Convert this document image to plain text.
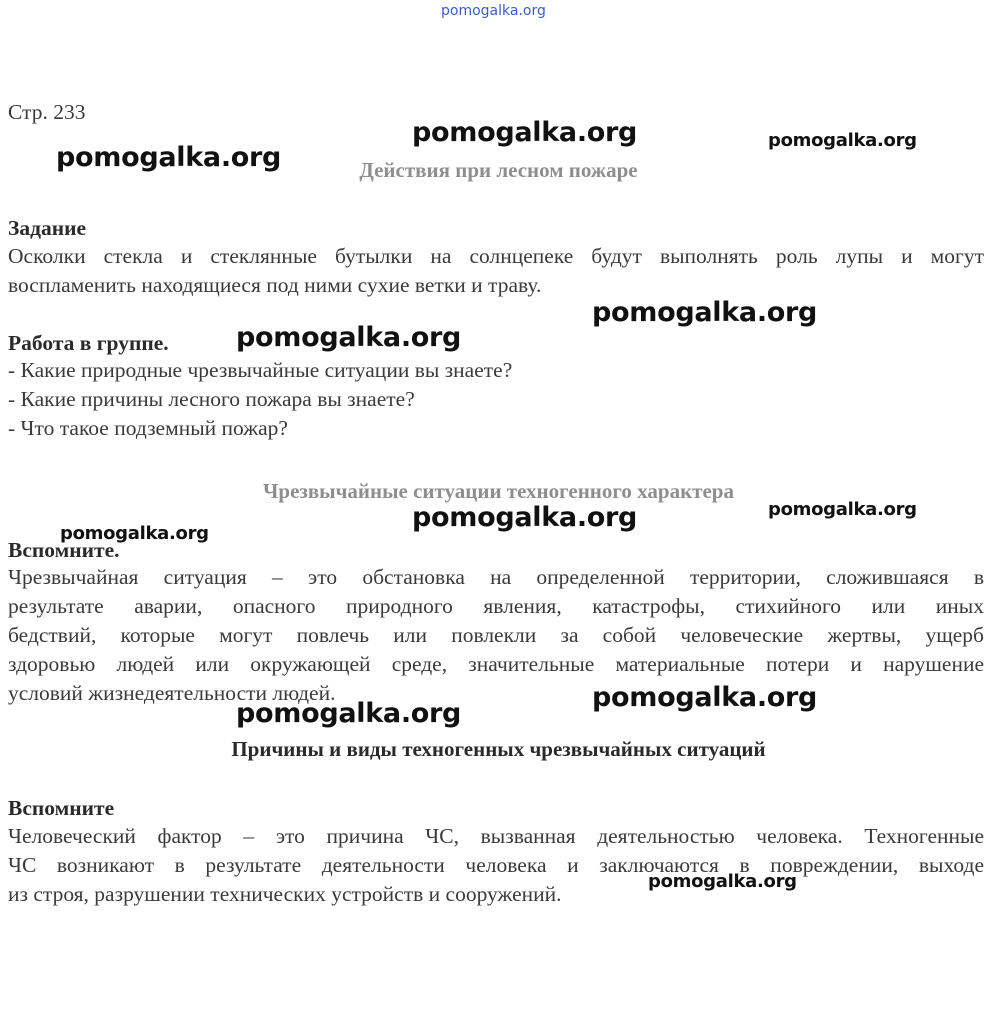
pomogalka.org
Стр. 233
Действия при лесном пожаре
Задание
Осколки стекла и стеклянные бутылки на солнцепеке будут выполнять роль лупы и могут
воспламенить находящиеся под ними сухие ветки и траву.
Работа в группе.
- Какие природные чрезвычайные ситуации вы знаете?
- Какие причины лесного пожара вы знаете?
- Что такое подземный пожар?
Чрезвычайные ситуации техногенного характера
Вспомните.
Чрезвычайная ситуация – это обстановка на определенной территории, сложившаяся в
результате аварии, опасного природного явления, катастрофы, стихийного или иных
бедствий, которые могут повлечь или повлекли за собой человеческие жертвы, ущерб
здоровью людей или окружающей среде, значительные материальные потери и нарушение
условий жизнедеятельности людей.
Причины и виды техногенных чрезвычайных ситуаций
Вспомните
Человеческий фактор – это причина ЧС, вызванная деятельностью человека. Техногенные
ЧС возникают в результате деятельности человека и заключаются в повреждении, выходе
из строя, разрушении технических устройств и сооружений.
pomogalka.org	pomogalka.org
pomogalka.org
pomogalka.org
pomogalka.org
pomogalka.org
pomogalka.org
pomogalka.org
pomogalka.org
pomogalka.org
pomogalka.org
